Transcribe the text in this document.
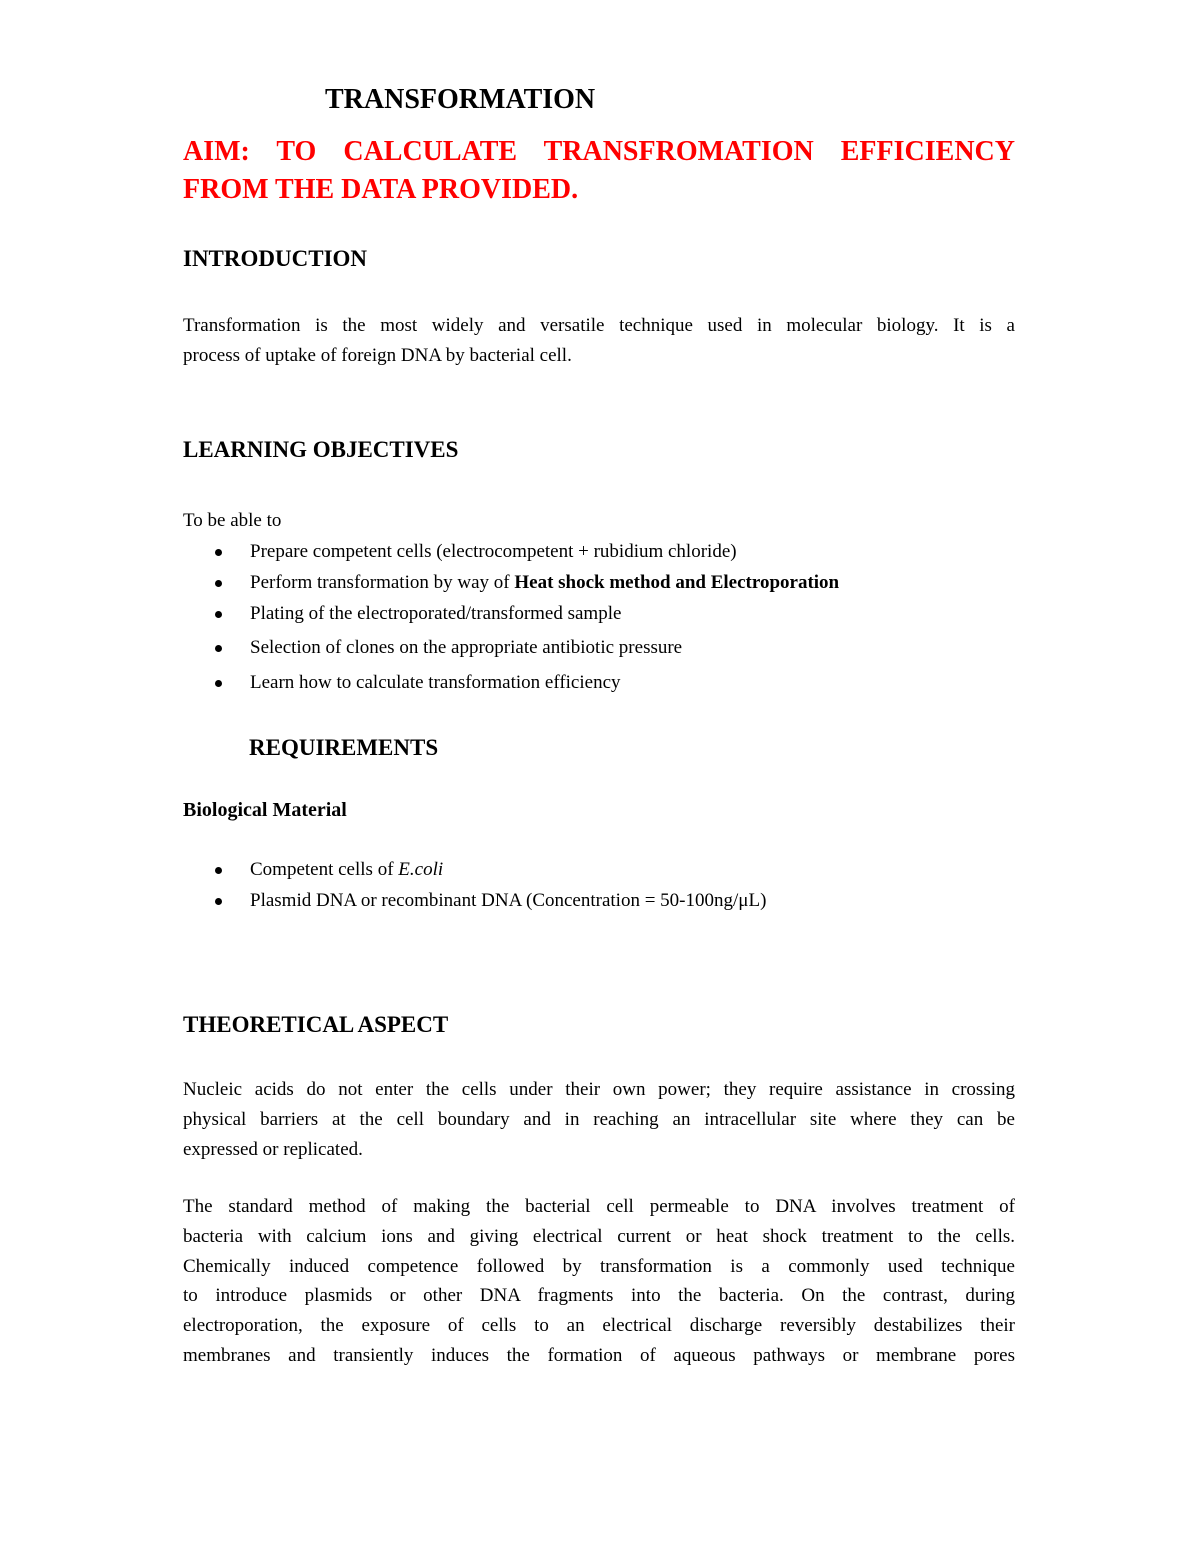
TRANSFORMATION
AIM: TO CALCULATE TRANSFROMATION EFFICIENCY
FROM THE DATA PROVIDED.
INTRODUCTION
Transformation is the most widely and versatile technique used in molecular biology. It is a
process of uptake of foreign DNA by bacterial cell.
LEARNING OBJECTIVES
To be able to
Prepare competent cells (electrocompetent + rubidium chloride)
Perform transformation by way of Heat shock method and Electroporation
Plating of the electroporated/transformed sample
Selection of clones on the appropriate antibiotic pressure
Learn how to calculate transformation efficiency
REQUIREMENTS
Biological Material
Competent cells of E.coli
Plasmid DNA or recombinant DNA (Concentration = 50-100ng/μL)
THEORETICAL ASPECT
Nucleic acids do not enter the cells under their own power; they require assistance in crossing
physical barriers at the cell boundary and in reaching an intracellular site where they can be
expressed or replicated.
The standard method of making the bacterial cell permeable to DNA involves treatment of
bacteria with calcium ions and giving electrical current or heat shock treatment to the cells.
Chemically induced competence followed by transformation is a commonly used technique
to introduce plasmids or other DNA fragments into the bacteria. On the contrast, during
electroporation, the exposure of cells to an electrical discharge reversibly destabilizes their
membranes and transiently induces the formation of aqueous pathways or membrane pores
